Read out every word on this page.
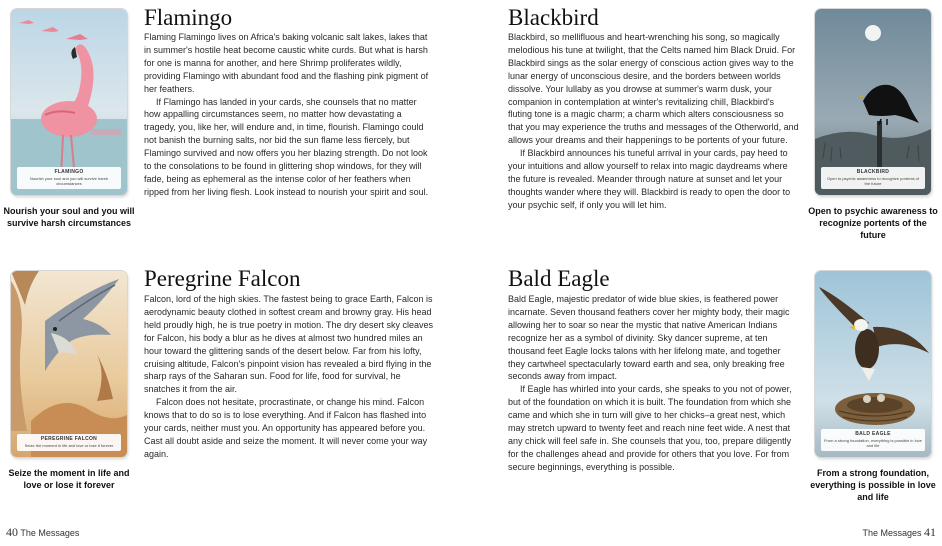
FLAMINGO
Nourish your soul and you will survive harsh circumstances
Nourish your soul and you will survive harsh circumstances
Flamingo

Flaming Flamingo lives on Africa's baking volcanic salt lakes, lakes that in summer's hostile heat become caustic white curds. But what is harsh for one is manna for another, and here Shrimp proliferates wildly, providing Flamingo with abundant food and the flashing pink pigment of her feathers.

If Flamingo has landed in your cards, she counsels that no matter how appalling circumstances seem, no matter how devastating a tragedy, you, like her, will endure and, in time, flourish. Flamingo could not banish the burning salts, nor bid the sun flame less fiercely, but Flamingo survived and now offers you her blazing strength. Do not look to the consolations to be found in glittering shop windows, for they will fade, being as ephemeral as the intense color of her feathers when ripped from her living flesh. Look instead to nourish your spirit and soul.

PEREGRINE FALCON
Seize the moment in life and love or lose it forever
Seize the moment in life and love or lose it forever
Peregrine Falcon

Falcon, lord of the high skies. The fastest being to grace Earth, Falcon is aerodynamic beauty clothed in softest cream and browny gray. His head held proudly high, he is true poetry in motion. The dry desert sky cleaves for Falcon, his body a blur as he dives at almost two hundred miles an hour toward the glittering sands of the desert below. Far from his lofty, cruising altitude, Falcon's pinpoint vision has revealed a bird flying in the sharp rays of the Saharan sun. Food for life, food for survival, he snatches it from the air.

Falcon does not hesitate, procrastinate, or change his mind. Falcon knows that to do so is to lose everything. And if Falcon has flashed into your cards, neither must you. An opportunity has appeared before you. Cast all doubt aside and seize the moment. It will never come your way again.

40 The Messages
Blackbird

Blackbird, so mellifluous and heart-wrenching his song, so magically melodious his tune at twilight, that the Celts named him Black Druid. For Blackbird sings as the solar energy of conscious action gives way to the lunar energy of unconscious desire, and the borders between worlds dissolve. Your lullaby as you drowse at summer's warm dusk, your companion in contemplation at winter's revitalizing chill, Blackbird's fluting tone is a magic charm; a charm which alters consciousness so that you may experience the truths and messages of the Otherworld, and allows your dreams and their happenings to be portents of your future.

If Blackbird announces his tuneful arrival in your cards, pay heed to your intuitions and allow yourself to relax into magic daydreams where the future is revealed. Meander through nature at sunset and let your thoughts wander where they will. Blackbird is ready to open the door to your psychic self, if only you will let him.

BLACKBIRD
Open to psychic awareness to recognize portents of the future
Open to psychic awareness to recognize portents of the future
Bald Eagle

Bald Eagle, majestic predator of wide blue skies, is feathered power incarnate. Seven thousand feathers cover her mighty body, their magic allowing her to soar so near the mystic that native American Indians recognize her as a symbol of divinity. Sky dancer supreme, at ten thousand feet Eagle locks talons with her lifelong mate, and together they cartwheel spectacularly toward earth and sea, only breaking free seconds away from impact.

If Eagle has whirled into your cards, she speaks to you not of power, but of the foundation on which it is built. The foundation from which she came and which she in turn will give to her chicks–a great nest, which may stretch upward to twenty feet and reach nine feet wide. A nest that any chick will feel safe in. She counsels that you, too, prepare diligently for the challenges ahead and provide for others that you love. For from secure beginnings, everything is possible.

BALD EAGLE
From a strong foundation, everything is possible in love and life
From a strong foundation, everything is possible in love and life
The Messages 41
